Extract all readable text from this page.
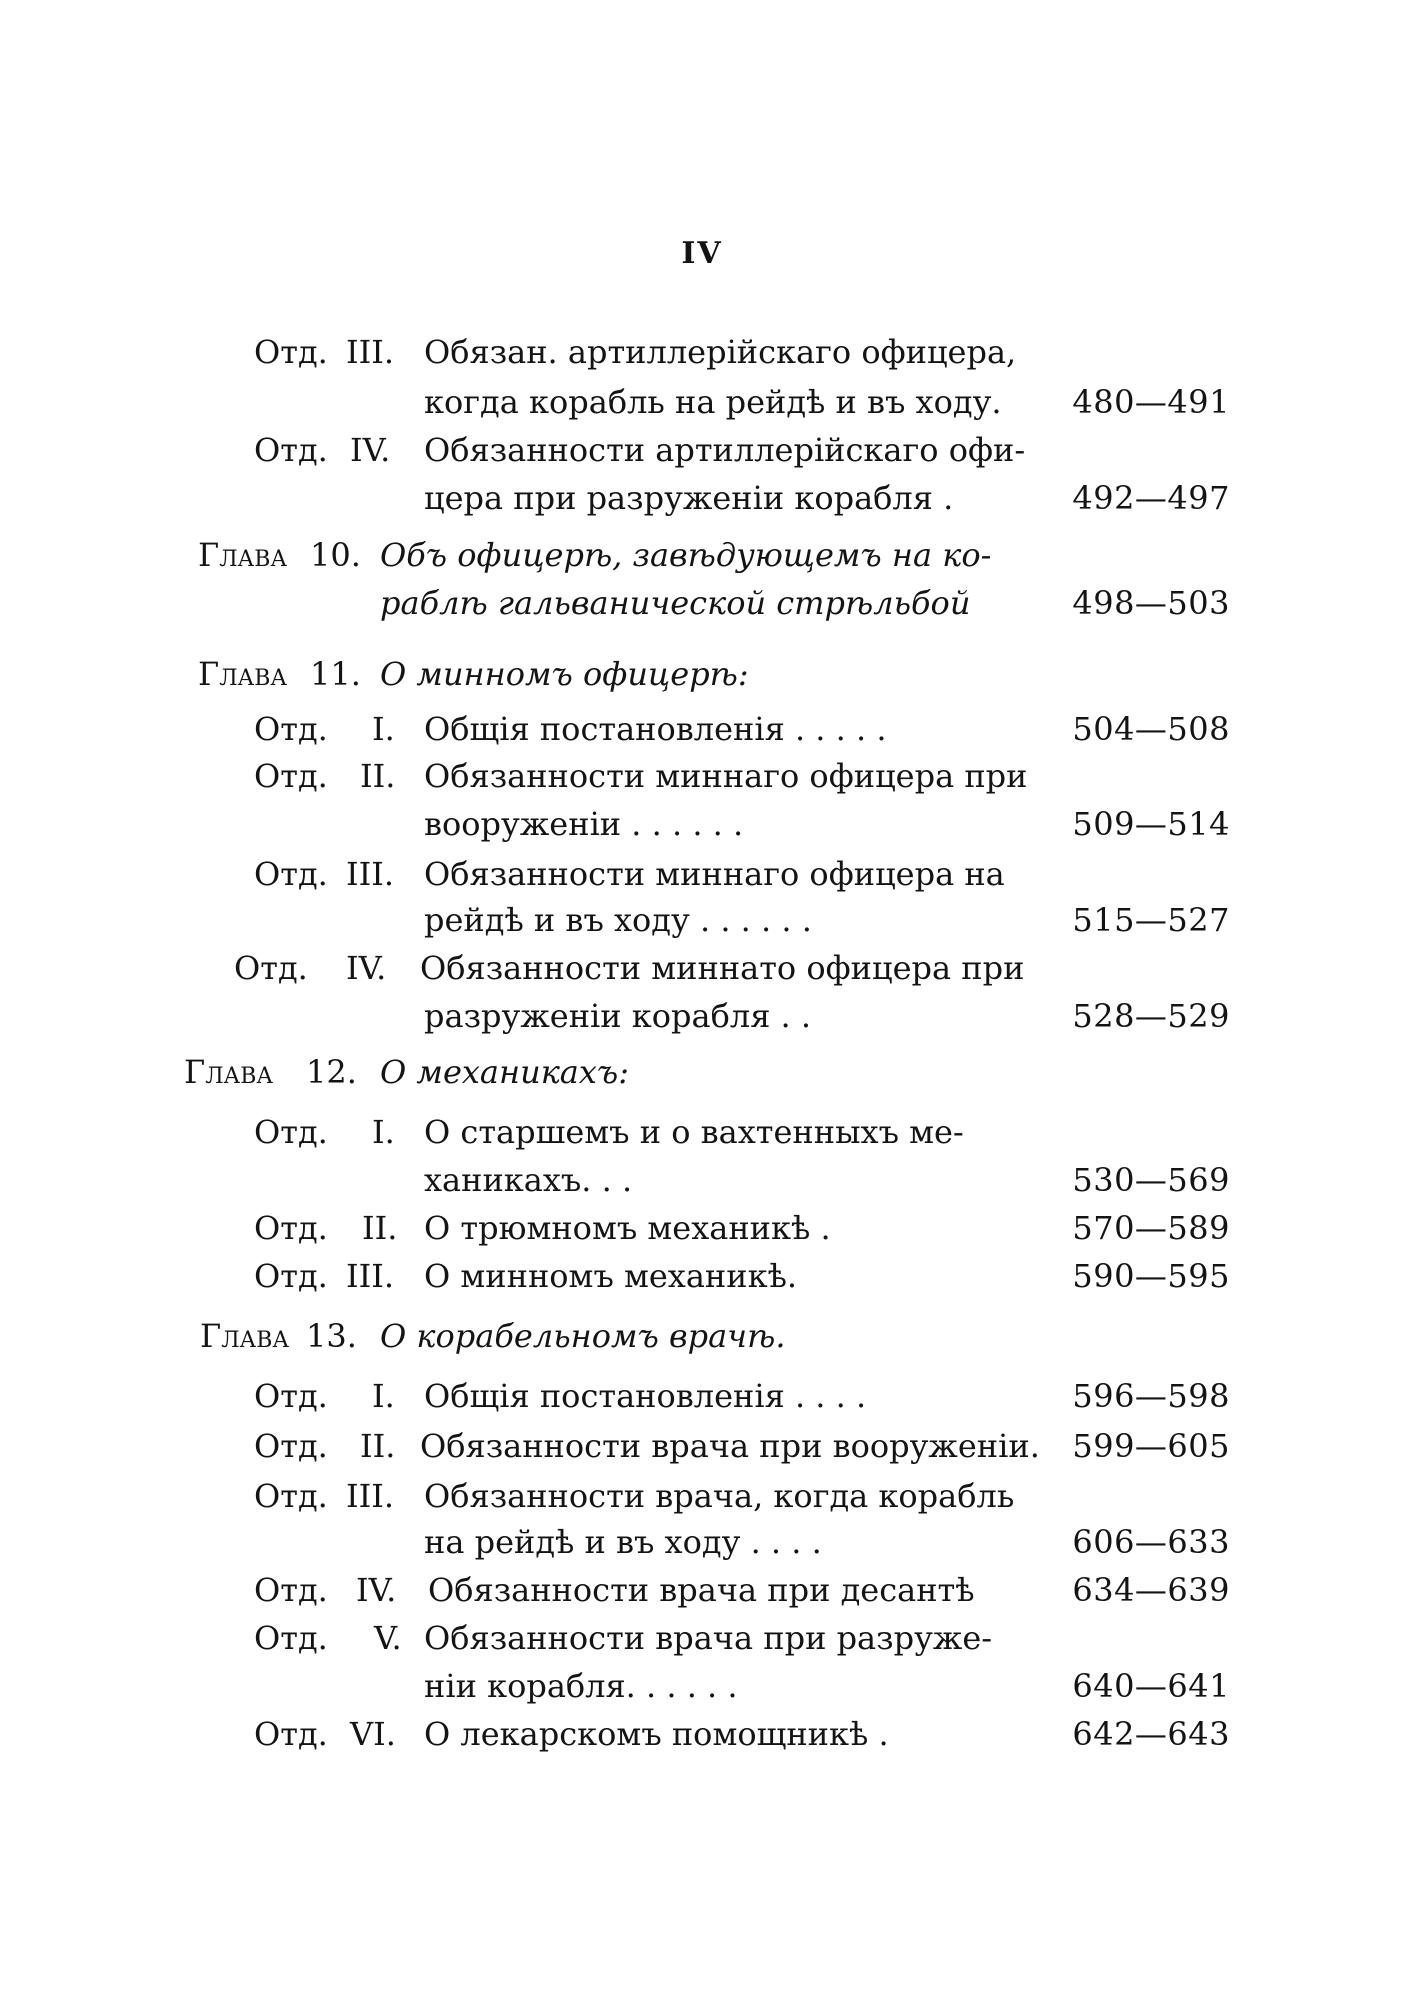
IV
Отд. III. Обязан. артиллерійскаго офицера,
когда корабль на рейдѣ и въ ходу.	480—491
Отд. IV. Обязанности артиллерійскаго офи-
цера при разруженіи корабля .	492—497
Глава 10. Объ офицерѣ, завѣдующемъ на ко-
раблѣ гальванической стрѣльбой	498—503
Глава 11. О минномъ офицерѣ:
Отд. I. Общія постановленія . . . . .	504—508
Отд. II. Обязанности миннаго офицера при
вооруженіи . . . . . .	509—514
Отд. III. Обязанности миннаго офицера на
рейдѣ и въ ходу . . . . . .	515—527
Отд. IV. Обязанности миннато офицера при
разруженіи корабля . .	528—529
Глава 12. О механикахъ:
Отд. I. О старшемъ и о вахтенныхъ ме-
ханикахъ. . .	530—569
Отд. II. О трюмномъ механикѣ .	570—589
Отд. III. О минномъ механикѣ.	590—595
Глава 13. О корабельномъ врачѣ.
Отд. I. Общія постановленія . . . .	596—598
Отд. II. Обязанности врача при вооруженіи.	599—605
Отд. III. Обязанности врача, когда корабль
на рейдѣ и въ ходу . . . .	606—633
Отд. IV. Обязанности врача при десантѣ	634—639
Отд. V. Обязанности врача при разруже-
ніи корабля. . . . . .	640—641
Отд. VI. О лекарскомъ помощникѣ .	642—643
